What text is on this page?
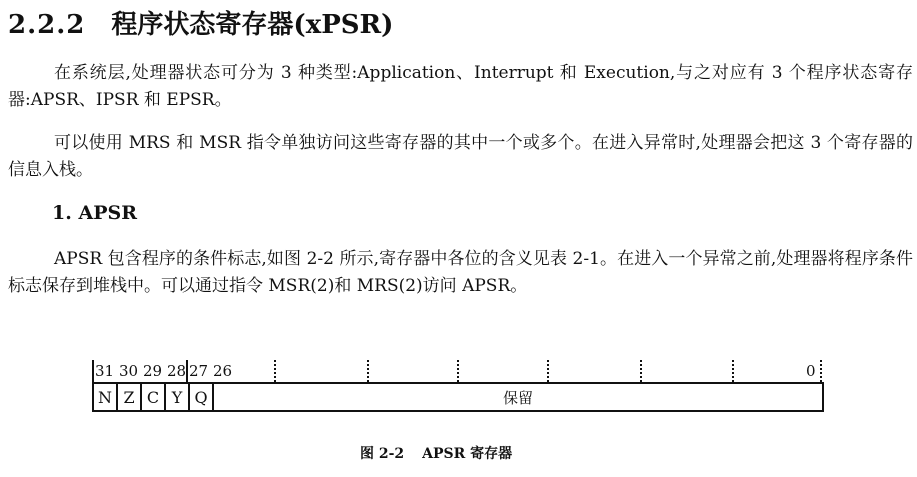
2.2.2 程序状态寄存器(xPSR)

在系统层,处理器状态可分为 3 种类型:Application、Interrupt 和 Execution,与之对应有 3 个程序状态寄存器:APSR、IPSR 和 EPSR。

可以使用 MRS 和 MSR 指令单独访问这些寄存器的其中一个或多个。在进入异常时,处理器会把这 3 个寄存器的信息入栈。

1. APSR

APSR 包含程序的条件标志,如图 2-2 所示,寄存器中各位的含义见表 2-1。在进入一个异常之前,处理器将程序条件标志保存到堆栈中。可以通过指令 MSR(2)和 MRS(2)访问 APSR。

31 30 29 28 27 26	0
N Z C Y Q	保留
图 2-2 APSR 寄存器
